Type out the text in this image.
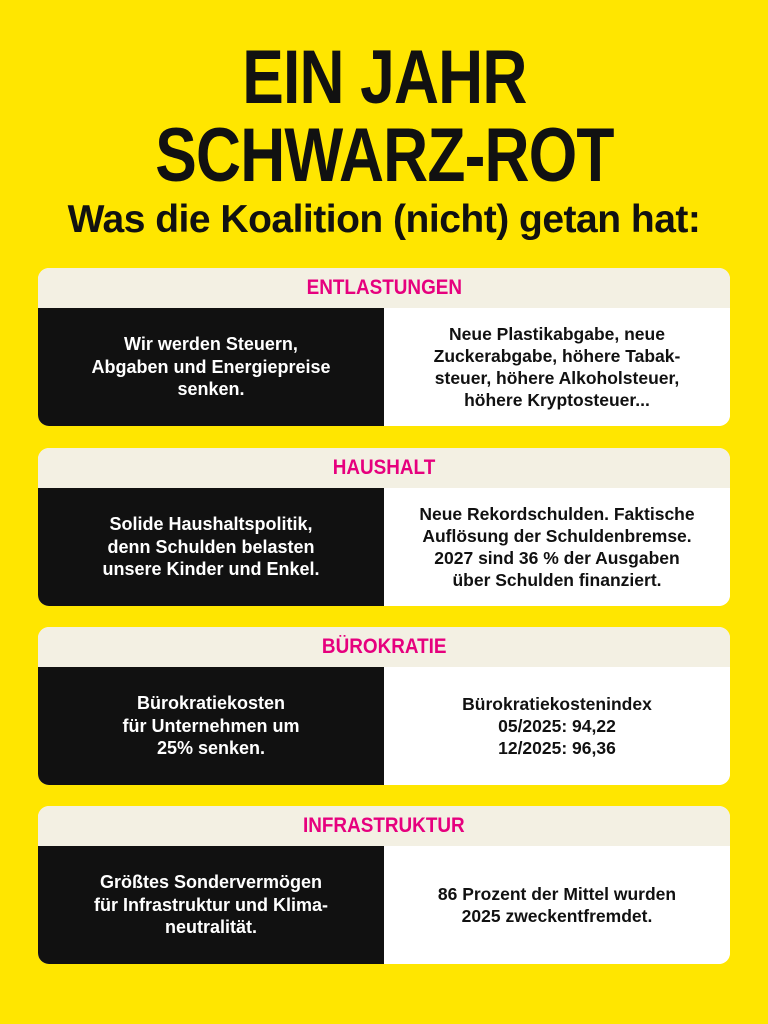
EIN JAHR
SCHWARZ-ROT
Was die Koalition (nicht) getan hat:
ENTLASTUNGEN
Wir werden Steuern,
Abgaben und Energiepreise
senken.
Neue Plastikabgabe, neue
Zuckerabgabe, höhere Tabak-
steuer, höhere Alkoholsteuer,
höhere Kryptosteuer...
HAUSHALT
Solide Haushaltspolitik,
denn Schulden belasten
unsere Kinder und Enkel.
Neue Rekordschulden. Faktische
Auflösung der Schuldenbremse.
2027 sind 36 % der Ausgaben
über Schulden finanziert.
BÜROKRATIE
Bürokratiekosten
für Unternehmen um
25% senken.
Bürokratiekostenindex
05/2025: 94,22
12/2025: 96,36
INFRASTRUKTUR
Größtes Sondervermögen
für Infrastruktur und Klima-
neutralität.
86 Prozent der Mittel wurden
2025 zweckentfremdet.
